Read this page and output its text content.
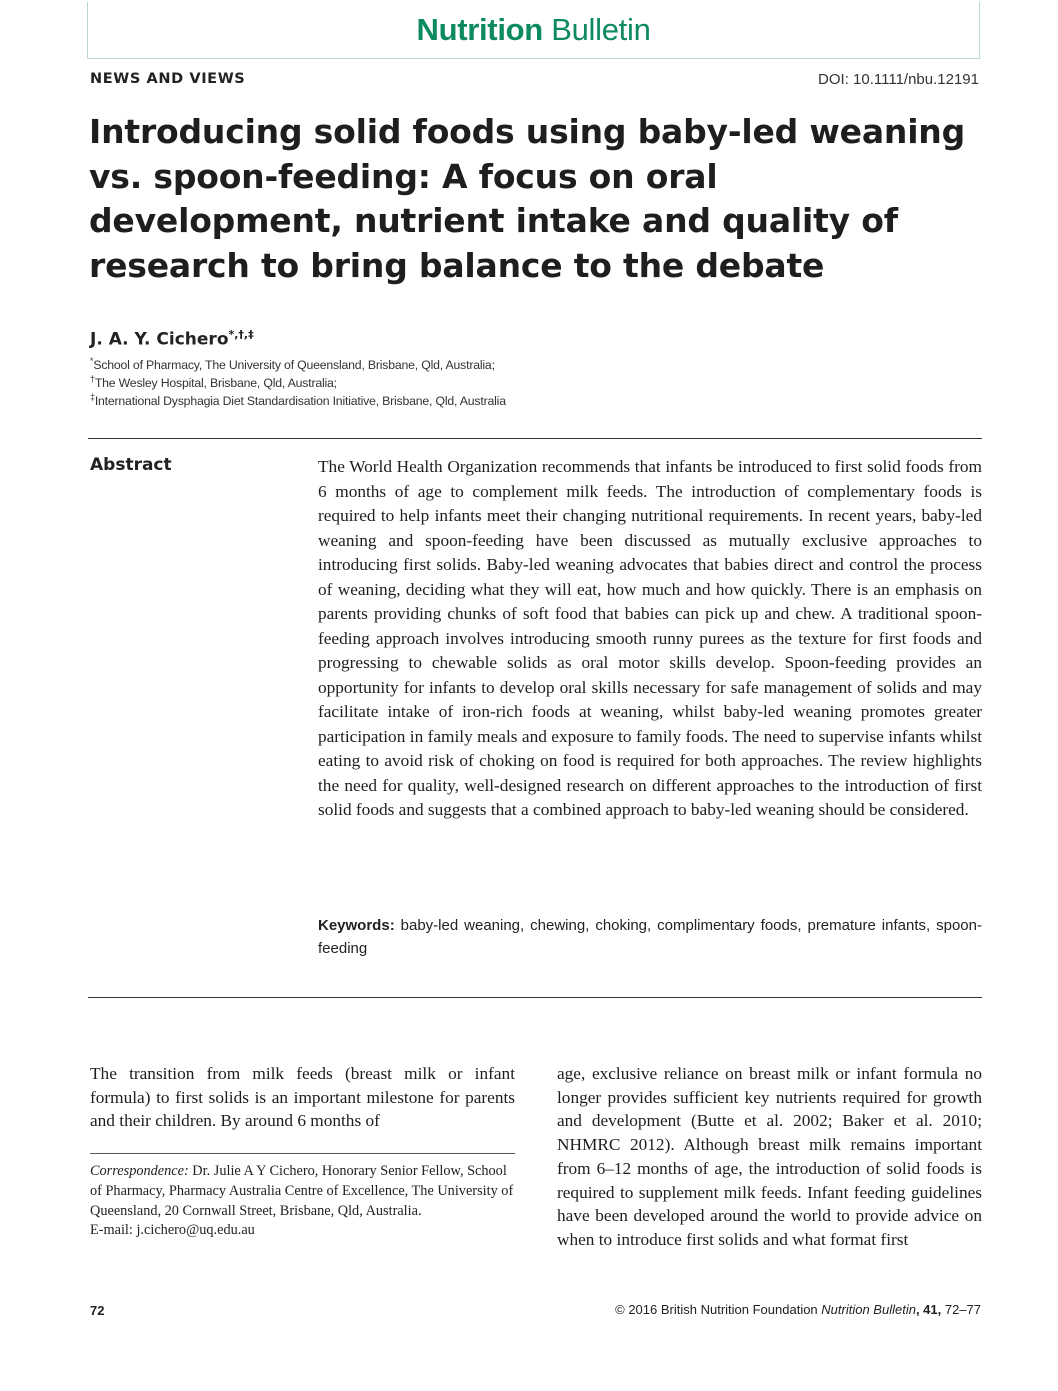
Nutrition Bulletin
NEWS AND VIEWS	DOI: 10.1111/nbu.12191
Introducing solid foods using baby-led weaning vs. spoon-feeding: A focus on oral development, nutrient intake and quality of research to bring balance to the debate
J. A. Y. Cichero*,†,‡
*School of Pharmacy, The University of Queensland, Brisbane, Qld, Australia;
†The Wesley Hospital, Brisbane, Qld, Australia;
‡International Dysphagia Diet Standardisation Initiative, Brisbane, Qld, Australia
Abstract	The World Health Organization recommends that infants be introduced to first solid foods from 6 months of age to complement milk feeds. The introduction of complementary foods is required to help infants meet their changing nutritional requirements. In recent years, baby-led weaning and spoon-feeding have been discussed as mutually exclusive approaches to introducing first solids. Baby-led weaning advocates that babies direct and control the process of weaning, deciding what they will eat, how much and how quickly. There is an emphasis on parents providing chunks of soft food that babies can pick up and chew. A traditional spoon-feeding approach involves introducing smooth runny purees as the texture for first foods and progressing to chewable solids as oral motor skills develop. Spoon-feeding provides an opportunity for infants to develop oral skills necessary for safe management of solids and may facilitate intake of iron-rich foods at weaning, whilst baby-led weaning promotes greater participation in family meals and exposure to family foods. The need to supervise infants whilst eating to avoid risk of choking on food is required for both approaches. The review highlights the need for quality, well-designed research on different approaches to the introduction of first solid foods and suggests that a combined approach to baby-led weaning should be considered.

Keywords: baby-led weaning, chewing, choking, complimentary foods, premature infants, spoon-feeding

The transition from milk feeds (breast milk or infant formula) to first solids is an important milestone for parents and their children. By around 6 months of

Correspondence: Dr. Julie A Y Cichero, Honorary Senior Fellow, School of Pharmacy, Pharmacy Australia Centre of Excellence, The University of Queensland, 20 Cornwall Street, Brisbane, Qld, Australia.
E-mail: j.cichero@uq.edu.au

age, exclusive reliance on breast milk or infant formula no longer provides sufficient key nutrients required for growth and development (Butte et al. 2002; Baker et al. 2010; NHMRC 2012). Although breast milk remains important from 6–12 months of age, the introduction of solid foods is required to supplement milk feeds. Infant feeding guidelines have been developed around the world to provide advice on when to introduce first solids and what format first

72	© 2016 British Nutrition Foundation Nutrition Bulletin, 41, 72–77
